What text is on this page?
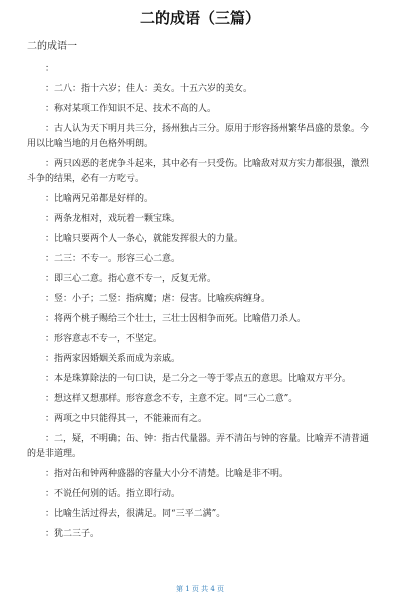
二的成语（三篇）
二的成语一

：

：二八：指十六岁；佳人：美女。十五六岁的美女。

：称对某项工作知识不足、技术不高的人。

：古人认为天下明月共三分，扬州独占三分。原用于形容扬州繁华昌盛的景象。今用以比喻当地的月色格外明朗。

：两只凶恶的老虎争斗起来，其中必有一只受伤。比喻敌对双方实力都很强，激烈斗争的结果，必有一方吃亏。

：比喻两兄弟都是好样的。

：两条龙相对，戏玩着一颗宝珠。

：比喻只要两个人一条心，就能发挥很大的力量。

：二三：不专一。形容三心二意。

：即三心二意。指心意不专一，反复无常。

：竖：小子；二竖：指病魔；虐：侵害。比喻疾病缠身。

：将两个桃子赐给三个壮士，三壮士因相争而死。比喻借刀杀人。

：形容意志不专一，不坚定。

：指两家因婚姻关系而成为亲戚。

：本是珠算除法的一句口诀，是二分之一等于零点五的意思。比喻双方平分。

：想这样又想那样。形容意念不专，主意不定。同“三心二意”。

：两项之中只能得其一，不能兼而有之。

：二，疑，不明确；缶、钟：指古代量器。弄不清缶与钟的容量。比喻弄不清普通的是非道理。

：指对缶和钟两种盛器的容量大小分不清楚。比喻是非不明。

：不说任何别的话。指立即行动。

：比喻生活过得去，很满足。同“三平二满”。

：犹二三子。

第 1 页 共 4 页
